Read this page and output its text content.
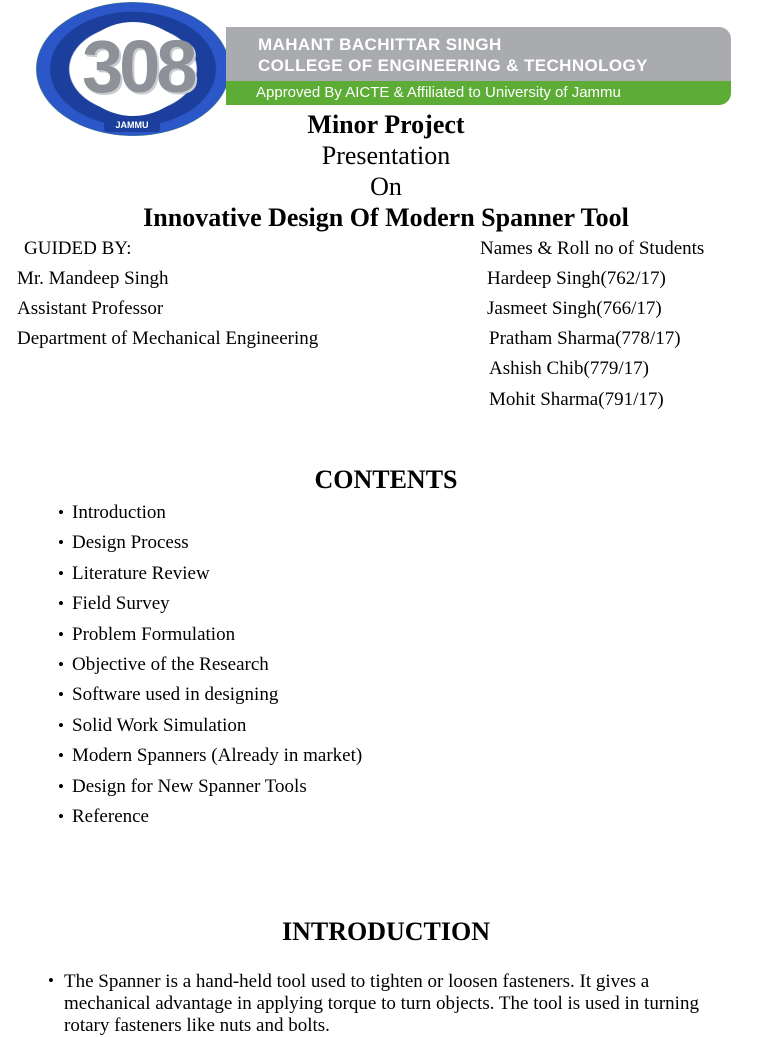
308
JAMMU
MAHANT BACHITTAR SINGH
COLLEGE OF ENGINEERING & TECHNOLOGY
Approved By AICTE & Affiliated to University of Jammu
Minor Project
Presentation
On
Innovative Design Of Modern Spanner Tool
GUIDED BY:
Mr. Mandeep Singh
Assistant Professor
Department of Mechanical Engineering
Names & Roll no of Students
Hardeep Singh(762/17)
Jasmeet Singh(766/17)
Pratham Sharma(778/17)
Ashish Chib(779/17)
Mohit Sharma(791/17)
CONTENTS
• Introduction
• Design Process
• Literature Review
• Field Survey
• Problem Formulation
• Objective of the Research
• Software used in designing
• Solid Work Simulation
• Modern Spanners (Already in market)
• Design for New Spanner Tools
• Reference
INTRODUCTION
• The Spanner is a hand-held tool used to tighten or loosen fasteners. It gives a mechanical advantage in applying torque to turn objects. The tool is used in turning rotary fasteners like nuts and bolts.
